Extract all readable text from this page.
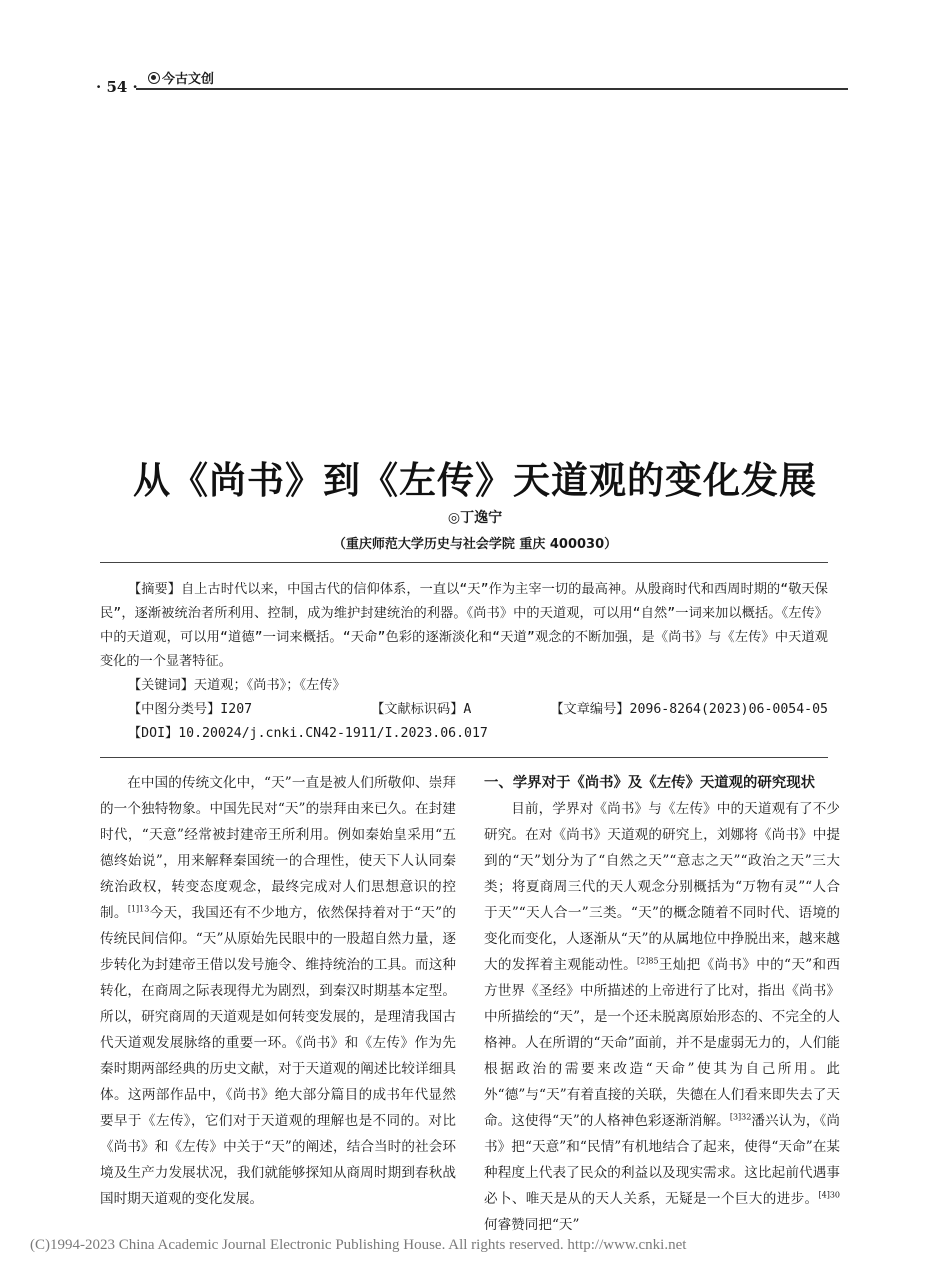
· 54 · 今古文创
从《尚书》到《左传》天道观的变化发展
◎丁逸宁
（重庆师范大学历史与社会学院 重庆 400030）

【摘要】自上古时代以来，中国古代的信仰体系，一直以“天”作为主宰一切的最高神。从殷商时代和西周时期的“敬天保民”，逐渐被统治者所利用、控制，成为维护封建统治的利器。《尚书》中的天道观，可以用“自然”一词来加以概括。《左传》中的天道观，可以用“道德”一词来概括。“天命”色彩的逐渐淡化和“天道”观念的不断加强，是《尚书》与《左传》中天道观变化的一个显著特征。

【关键词】天道观；《尚书》；《左传》

【中图分类号】I207	【文献标识码】A	【文章编号】2096-8264(2023)06-0054-05

【DOI】10.20024/j.cnki.CN42-1911/I.2023.06.017

在中国的传统文化中，“天”一直是被人们所敬仰、崇拜的一个独特物象。中国先民对“天”的崇拜由来已久。在封建时代，“天意”经常被封建帝王所利用。例如秦始皇采用“五德终始说”，用来解释秦国统一的合理性，使天下人认同秦统治政权，转变态度观念，最终完成对人们思想意识的控制。$^{[1]13}$今天，我国还有不少地方，依然保持着对于“天”的传统民间信仰。“天”从原始先民眼中的一股超自然力量，逐步转化为封建帝王借以发号施令、维持统治的工具。而这种转化，在商周之际表现得尤为剧烈，到秦汉时期基本定型。所以，研究商周的天道观是如何转变发展的，是理清我国古代天道观发展脉络的重要一环。《尚书》和《左传》作为先秦时期两部经典的历史文献，对于天道观的阐述比较详细具体。这两部作品中，《尚书》绝大部分篇目的成书年代显然要早于《左传》，它们对于天道观的理解也是不同的。对比《尚书》和《左传》中关于“天”的阐述，结合当时的社会环境及生产力发展状况，我们就能够探知从商周时期到春秋战国时期天道观的变化发展。

一、学界对于《尚书》及《左传》天道观的研究现状

目前，学界对《尚书》与《左传》中的天道观有了不少研究。在对《尚书》天道观的研究上，刘娜将《尚书》中提到的“天”划分为了“自然之天”“意志之天”“政治之天”三大类；将夏商周三代的天人观念分别概括为“万物有灵”“人合于天”“天人合一”三类。“天”的概念随着不同时代、语境的变化而变化，人逐渐从“天”的从属地位中挣脱出来，越来越大的发挥着主观能动性。$^{[2]85}$王灿把《尚书》中的“天”和西方世界《圣经》中所描述的上帝进行了比对，指出《尚书》中所描绘的“天”，是一个还未脱离原始形态的、不完全的人格神。人在所谓的“天命”面前，并不是虚弱无力的，人们能根据政治的需要来改造“天命”使其为自己所用。此外“德”与“天”有着直接的关联，失德在人们看来即失去了天命。这使得“天”的人格神色彩逐渐消解。$^{[3]32}$潘兴认为，《尚书》把“天意”和“民情”有机地结合了起来，使得“天命”在某种程度上代表了民众的利益以及现实需求。这比起前代遇事必卜、唯天是从的天人关系，无疑是一个巨大的进步。$^{[4]30}$何睿赞同把“天”

(C)1994-2023 China Academic Journal Electronic Publishing House. All rights reserved. http://www.cnki.net
